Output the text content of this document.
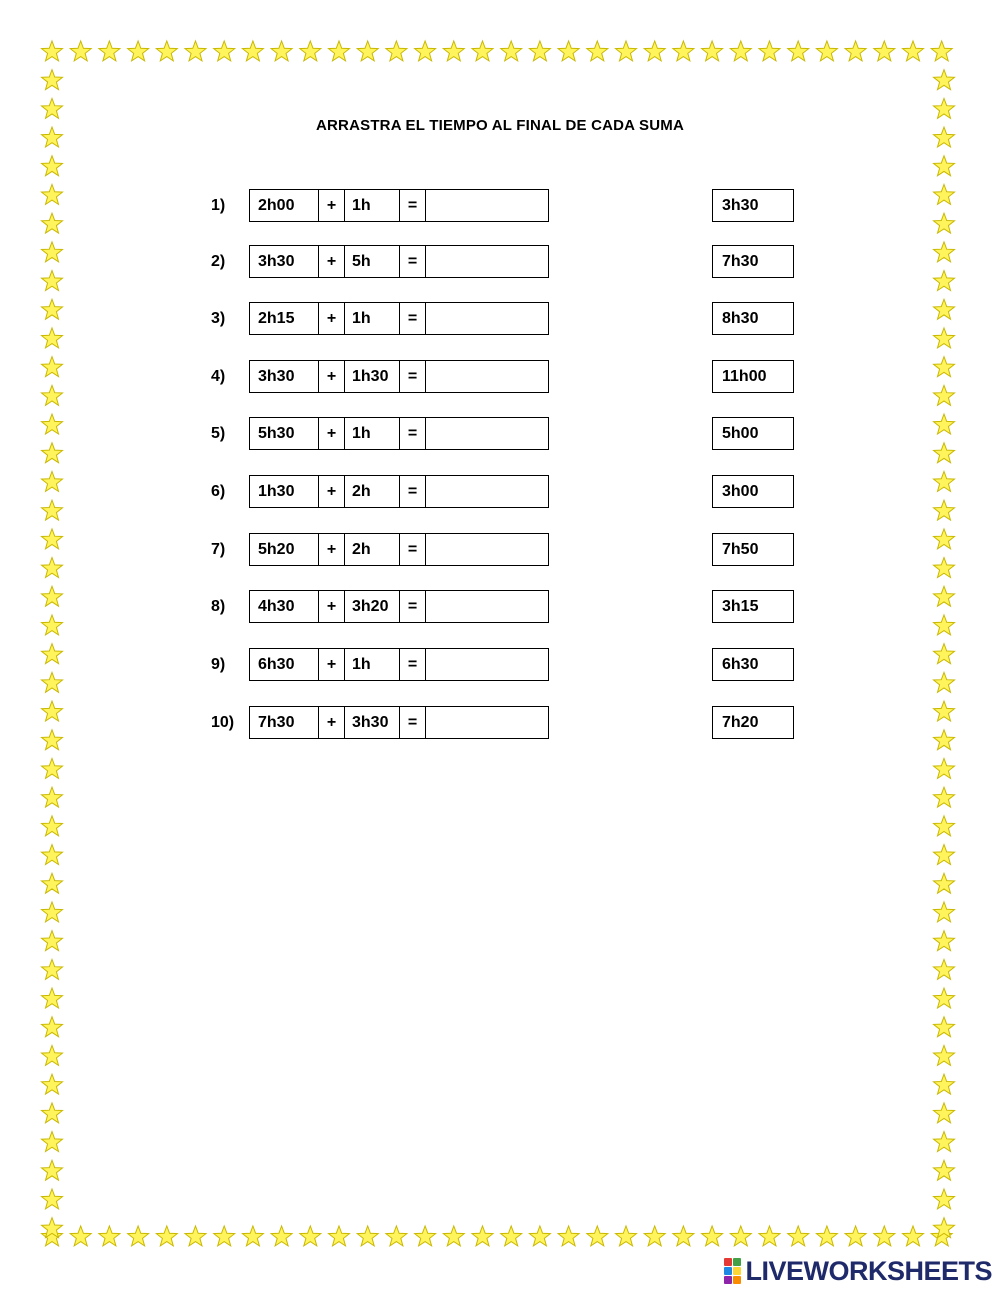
ARRASTRA EL TIEMPO AL FINAL DE CADA SUMA
1)	2h00	+ 1h	=	3h30
2)	3h30	+ 5h	=	7h30
3)	2h15	+ 1h	=	8h30
4)	3h30	+ 1h30	=	11h00
5)	5h30	+ 1h	=	5h00
6)	1h30	+ 2h	=	3h00
7)	5h20	+ 2h	=	7h50
8)	4h30	+ 3h20	=	3h15
9)	6h30	+ 1h	=	6h30
10)	7h30	+ 3h30	=	7h20
LIVEWORKSHEETS
